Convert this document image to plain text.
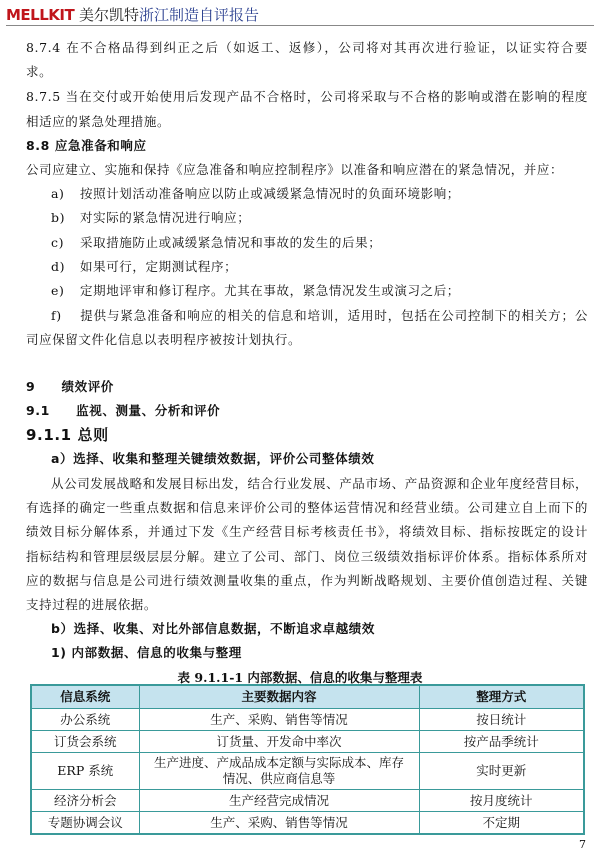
MELLKIT 美尔凯特浙江制造自评报告
8.7.4 在不合格品得到纠正之后（如返工、返修），公司将对其再次进行验证，以证实符合要
求。
8.7.5 当在交付或开始使用后发现产品不合格时，公司将采取与不合格的影响或潜在影响的程度
相适应的紧急处理措施。
8.8 应急准备和响应
公司应建立、实施和保持《应急准备和响应控制程序》以准备和响应潜在的紧急情况，并应：
a) 按照计划活动准备响应以防止或减缓紧急情况时的负面环境影响；
b) 对实际的紧急情况进行响应；
c) 采取措施防止或减缓紧急情况和事故的发生的后果；
d) 如果可行，定期测试程序；
e) 定期地评审和修订程序。尤其在事故，紧急情况发生或演习之后；
f) 提供与紧急准备和响应的相关的信息和培训，适用时，包括在公司控制下的相关方；公
司应保留文件化信息以表明程序被按计划执行。
9　　绩效评价
9.1　　监视、测量、分析和评价
9.1.1 总则
a）选择、收集和整理关键绩效数据，评价公司整体绩效
从公司发展战略和发展目标出发，结合行业发展、产品市场、产品资源和企业年度经营目标，
有选择的确定一些重点数据和信息来评价公司的整体运营情况和经营业绩。公司建立自上而下的
绩效目标分解体系，并通过下发《生产经营目标考核责任书》，将绩效目标、指标按既定的设计
指标结构和管理层级层层分解。建立了公司、部门、岗位三级绩效指标评价体系。指标体系所对
应的数据与信息是公司进行绩效测量收集的重点，作为判断战略规划、主要价值创造过程、关键
支持过程的进展依据。
b）选择、收集、对比外部信息数据，不断追求卓越绩效
1) 内部数据、信息的收集与整理
表 9.1.1-1 内部数据、信息的收集与整理表
信息系统	主要数据内容	整理方式
办公系统	生产、采购、销售等情况	按日统计
订货会系统	订货量、开发命中率次	按产品季统计
ERP 系统	生产进度、产成品成本定额与实际成本、库存情况、供应商信息等	实时更新
经济分析会	生产经营完成情况	按月度统计
专题协调会议	生产、采购、销售等情况	不定期
7
